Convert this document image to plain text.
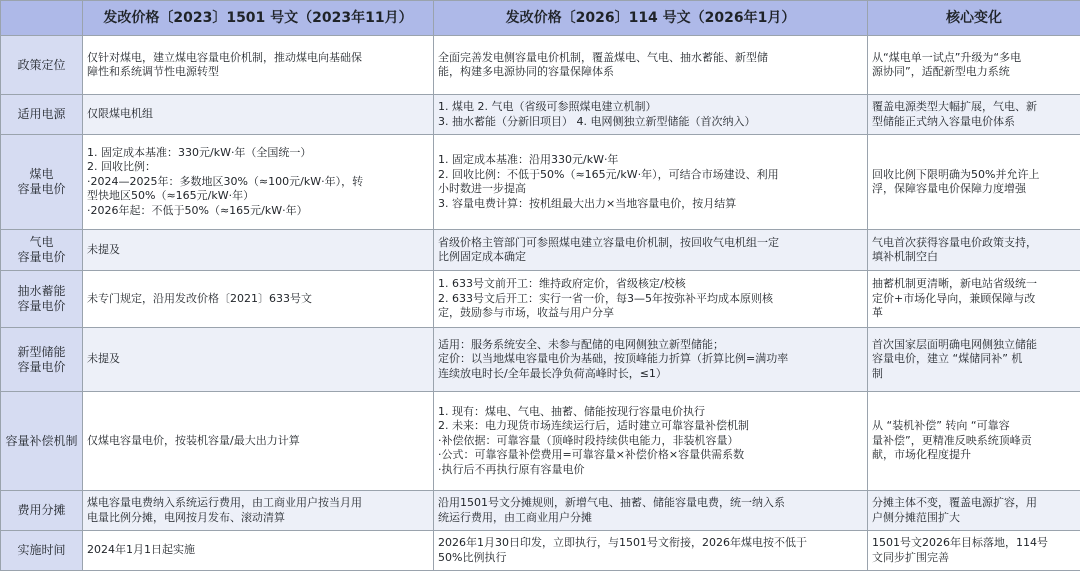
	发改价格〔2023〕1501 号文（2023年11月）	发改价格〔2026〕114 号文（2026年1月）	核心变化

政策定位	仅针对煤电，建立煤电容量电价机制，推动煤电向基础保
障性和系统调节性电源转型	全面完善发电侧容量电价机制，覆盖煤电、气电、抽水蓄能、新型储
能，构建多电源协同的容量保障体系	从“煤电单一试点”升级为“多电
源协同”，适配新型电力系统

适用电源	仅限煤电机组	1. 煤电 2. 气电（省级可参照煤电建立机制）
3. 抽水蓄能（分新旧项目） 4. 电网侧独立新型储能（首次纳入）	覆盖电源类型大幅扩展，气电、新
型储能正式纳入容量电价体系

煤电
容量电价	1. 固定成本基准：330元/kW·年（全国统一）
2. 回收比例：
·2024—2025年：多数地区30%（≈100元/kW·年），转
型快地区50%（≈165元/kW·年）
·2026年起：不低于50%（≈165元/kW·年）	1. 固定成本基准：沿用330元/kW·年
2. 回收比例：不低于50%（≈165元/kW·年），可结合市场建设、利用
小时数进一步提高
3. 容量电费计算：按机组最大出力×当地容量电价，按月结算	回收比例下限明确为50%并允许上
浮，保障容量电价保障力度增强

气电
容量电价	未提及	省级价格主管部门可参照煤电建立容量电价机制，按回收气电机组一定
比例固定成本确定	气电首次获得容量电价政策支持，
填补机制空白

抽水蓄能
容量电价	未专门规定，沿用发改价格〔2021〕633号文	1. 633号文前开工：维持政府定价，省级核定/校核
2. 633号文后开工：实行一省一价，每3—5年按弥补平均成本原则核
定，鼓励参与市场，收益与用户分享	抽蓄机制更清晰，新电站省级统一
定价+市场化导向，兼顾保障与改
革

新型储能
容量电价	未提及	适用：服务系统安全、未参与配储的电网侧独立新型储能；
定价：以当地煤电容量电价为基础，按顶峰能力折算（折算比例=满功率
连续放电时长/全年最长净负荷高峰时长，≤1）	首次国家层面明确电网侧独立储能
容量电价，建立 “煤储同补” 机
制

容量补偿机制	仅煤电容量电价，按装机容量/最大出力计算	1. 现有：煤电、气电、抽蓄、储能按现行容量电价执行
2. 未来：电力现货市场连续运行后，适时建立可靠容量补偿机制
·补偿依据：可靠容量（顶峰时段持续供电能力，非装机容量）
·公式：可靠容量补偿费用=可靠容量×补偿价格×容量供需系数
·执行后不再执行原有容量电价	从 “装机补偿” 转向 “可靠容
量补偿”，更精准反映系统顶峰贡
献，市场化程度提升

费用分摊	煤电容量电费纳入系统运行费用，由工商业用户按当月用
电量比例分摊，电网按月发布、滚动清算	沿用1501号文分摊规则，新增气电、抽蓄、储能容量电费，统一纳入系
统运行费用，由工商业用户分摊	分摊主体不变，覆盖电源扩容，用
户侧分摊范围扩大

实施时间	2024年1月1日起实施	2026年1月30日印发，立即执行，与1501号文衔接，2026年煤电按不低于
50%比例执行	1501号文2026年目标落地，114号
文同步扩围完善
